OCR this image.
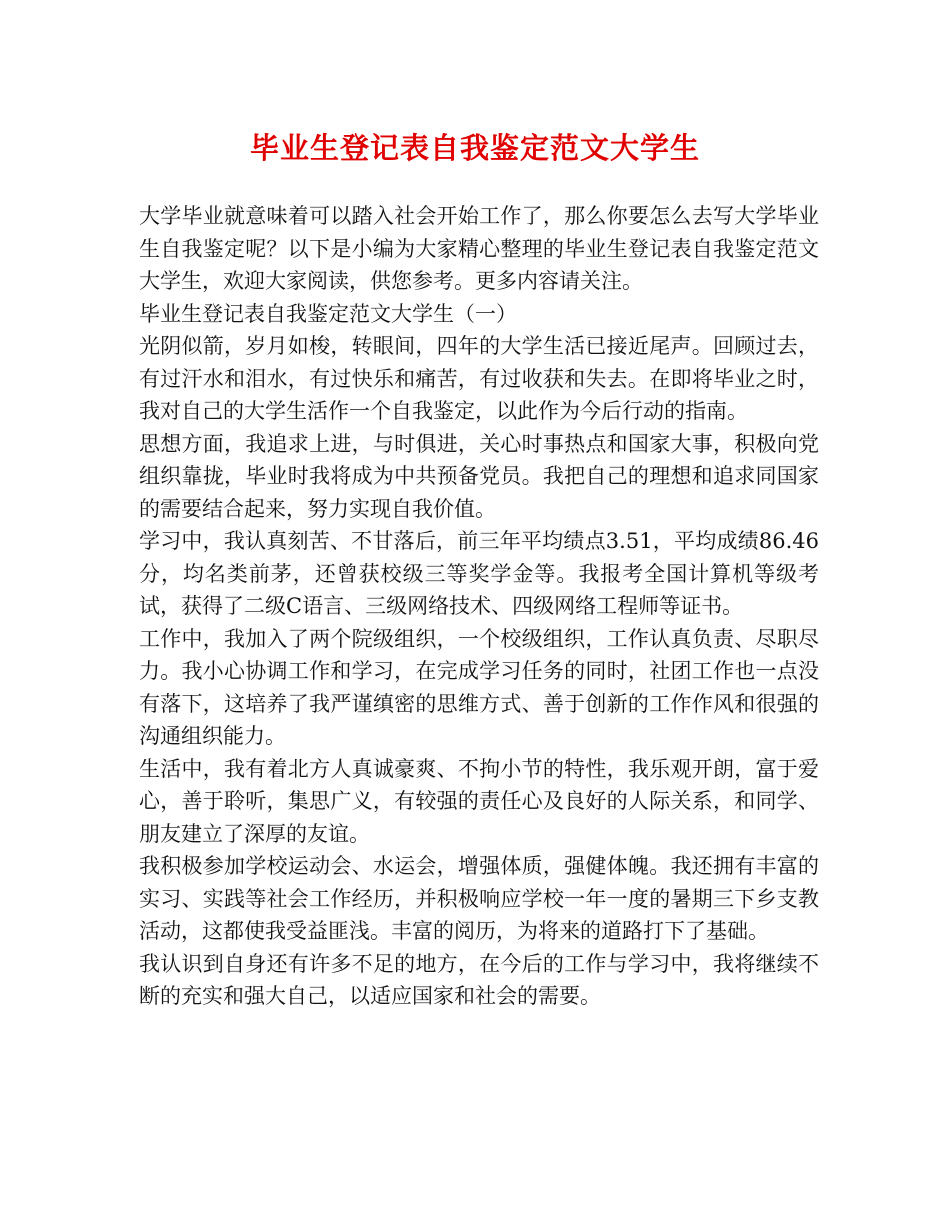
毕业生登记表自我鉴定范文大学生

大学毕业就意味着可以踏入社会开始工作了，那么你要怎么去写大学毕业生自我鉴定呢？以下是小编为大家精心整理的毕业生登记表自我鉴定范文大学生，欢迎大家阅读，供您参考。更多内容请关注。

毕业生登记表自我鉴定范文大学生（一）

光阴似箭，岁月如梭，转眼间，四年的大学生活已接近尾声。回顾过去，有过汗水和泪水，有过快乐和痛苦，有过收获和失去。在即将毕业之时，我对自己的大学生活作一个自我鉴定，以此作为今后行动的指南。

思想方面，我追求上进，与时俱进，关心时事热点和国家大事，积极向党组织靠拢，毕业时我将成为中共预备党员。我把自己的理想和追求同国家的需要结合起来，努力实现自我价值。

学习中，我认真刻苦、不甘落后，前三年平均绩点3.51，平均成绩86.46分，均名类前茅，还曾获校级三等奖学金等。我报考全国计算机等级考试，获得了二级C语言、三级网络技术、四级网络工程师等证书。

工作中，我加入了两个院级组织，一个校级组织，工作认真负责、尽职尽力。我小心协调工作和学习，在完成学习任务的同时，社团工作也一点没有落下，这培养了我严谨缜密的思维方式、善于创新的工作作风和很强的沟通组织能力。

生活中，我有着北方人真诚豪爽、不拘小节的特性，我乐观开朗，富于爱心，善于聆听，集思广义，有较强的责任心及良好的人际关系，和同学、朋友建立了深厚的友谊。

我积极参加学校运动会、水运会，增强体质，强健体魄。我还拥有丰富的实习、实践等社会工作经历，并积极响应学校一年一度的暑期三下乡支教活动，这都使我受益匪浅。丰富的阅历，为将来的道路打下了基础。

我认识到自身还有许多不足的地方，在今后的工作与学习中，我将继续不断的充实和强大自己，以适应国家和社会的需要。
